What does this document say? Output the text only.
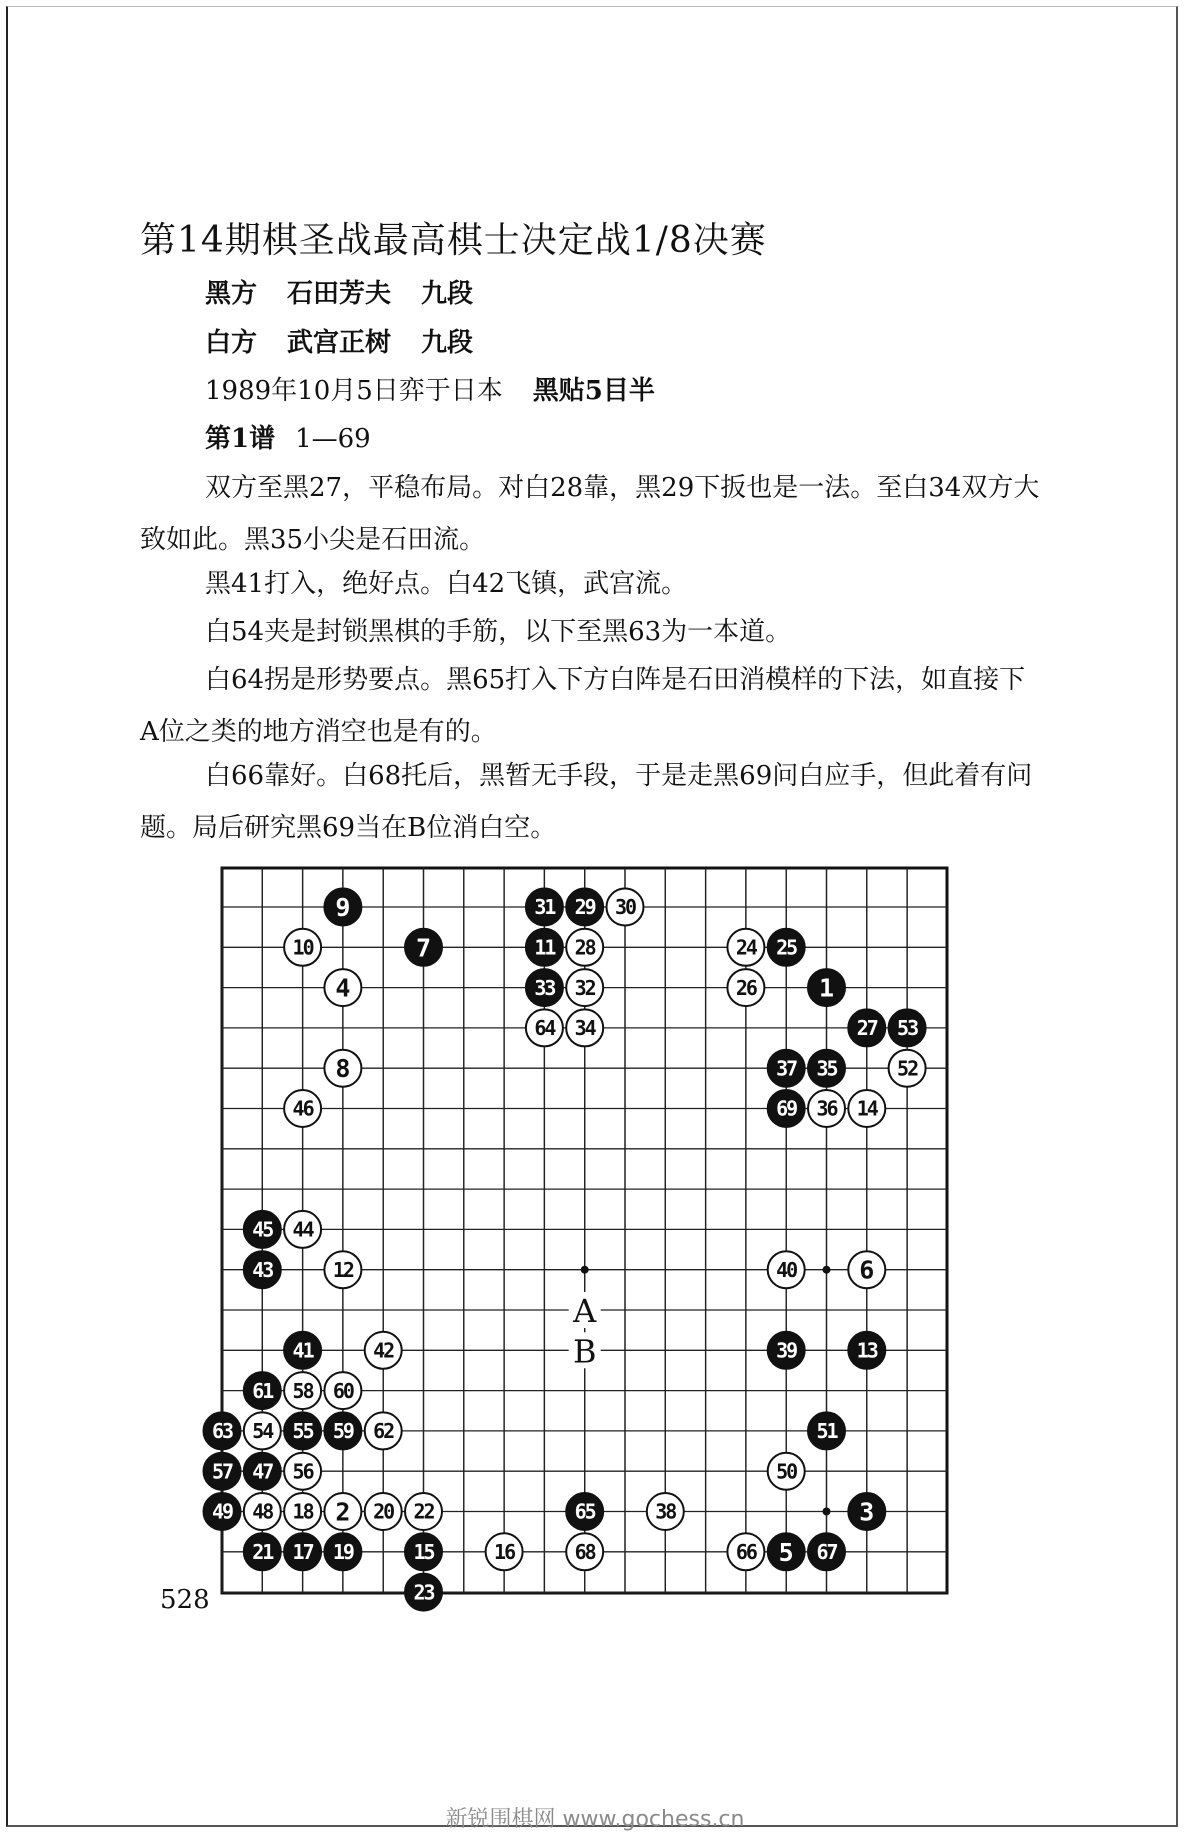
第14期棋圣战最高棋士决定战1/8决赛
黑方 石田芳夫 九段
白方 武宫正树 九段
1989年10月5日弈于日本 黑贴5目半
第1谱 1—69
双方至黑27，平稳布局。对白28靠，黑29下扳也是一法。至白34双方大致如此。黑35小尖是石田流。
黑41打入，绝好点。白42飞镇，武宫流。
白54夹是封锁黑棋的手筋，以下至黑63为一本道。
白64拐是形势要点。黑65打入下方白阵是石田消模样的下法，如直接下A位之类的地方消空也是有的。
白66靠好。白68托后，黑暂无手段，于是走黑69问白应手，但此着有问题。局后研究黑69当在B位消白空。
A
B
1
2	3
4
5
6
7
8
9
10	11
12
13
14
15	16
17
18
19
20
21
22
23
24 25
26
27
28
29 30
31
32
33
34
35
36
37
38
39
40
41	42
43
44
45
46
47
48
49
50
51
52
53
54 55
56
57
58
59
60
61
62
63
64
65
66	67
68
69
528
新锐围棋网 www.gochess.cn
